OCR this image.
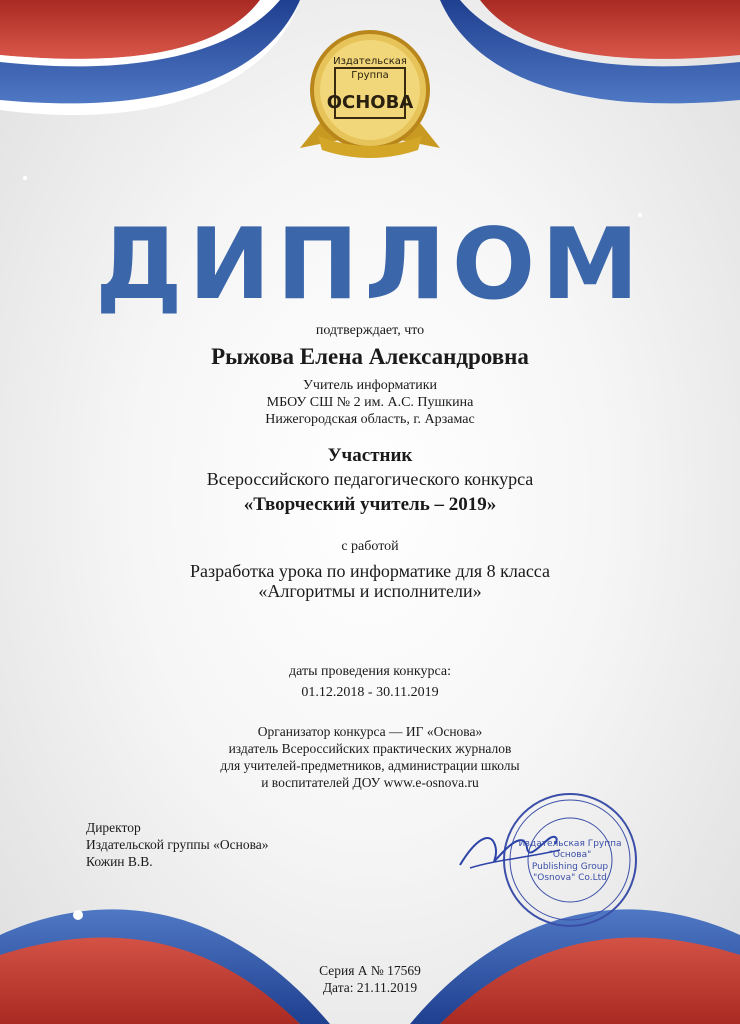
Издательская
Группа
ОСНОВА
ДИПЛОМ
подтверждает, что
Рыжова Елена Александровна
Учитель информатики
МБОУ СШ № 2 им. А.С. Пушкина
Нижегородская область, г. Арзамас
Участник
Всероссийского педагогического конкурса
«Творческий учитель – 2019»
с работой
Разработка урока по информатике для 8 класса
«Алгоритмы и исполнители»
даты проведения конкурса:
01.12.2018 - 30.11.2019
Организатор конкурса — ИГ «Основа»
издатель Всероссийских практических журналов
для учителей-предметников, администрации школы
и воспитателей ДОУ www.e-osnova.ru
Директор
Издательской группы «Основа»
Кожин В.В.
Издательская Группа
"Основа"
Publishing Group
"Osnova" Co.Ltd
Серия А № 17569
Дата: 21.11.2019
